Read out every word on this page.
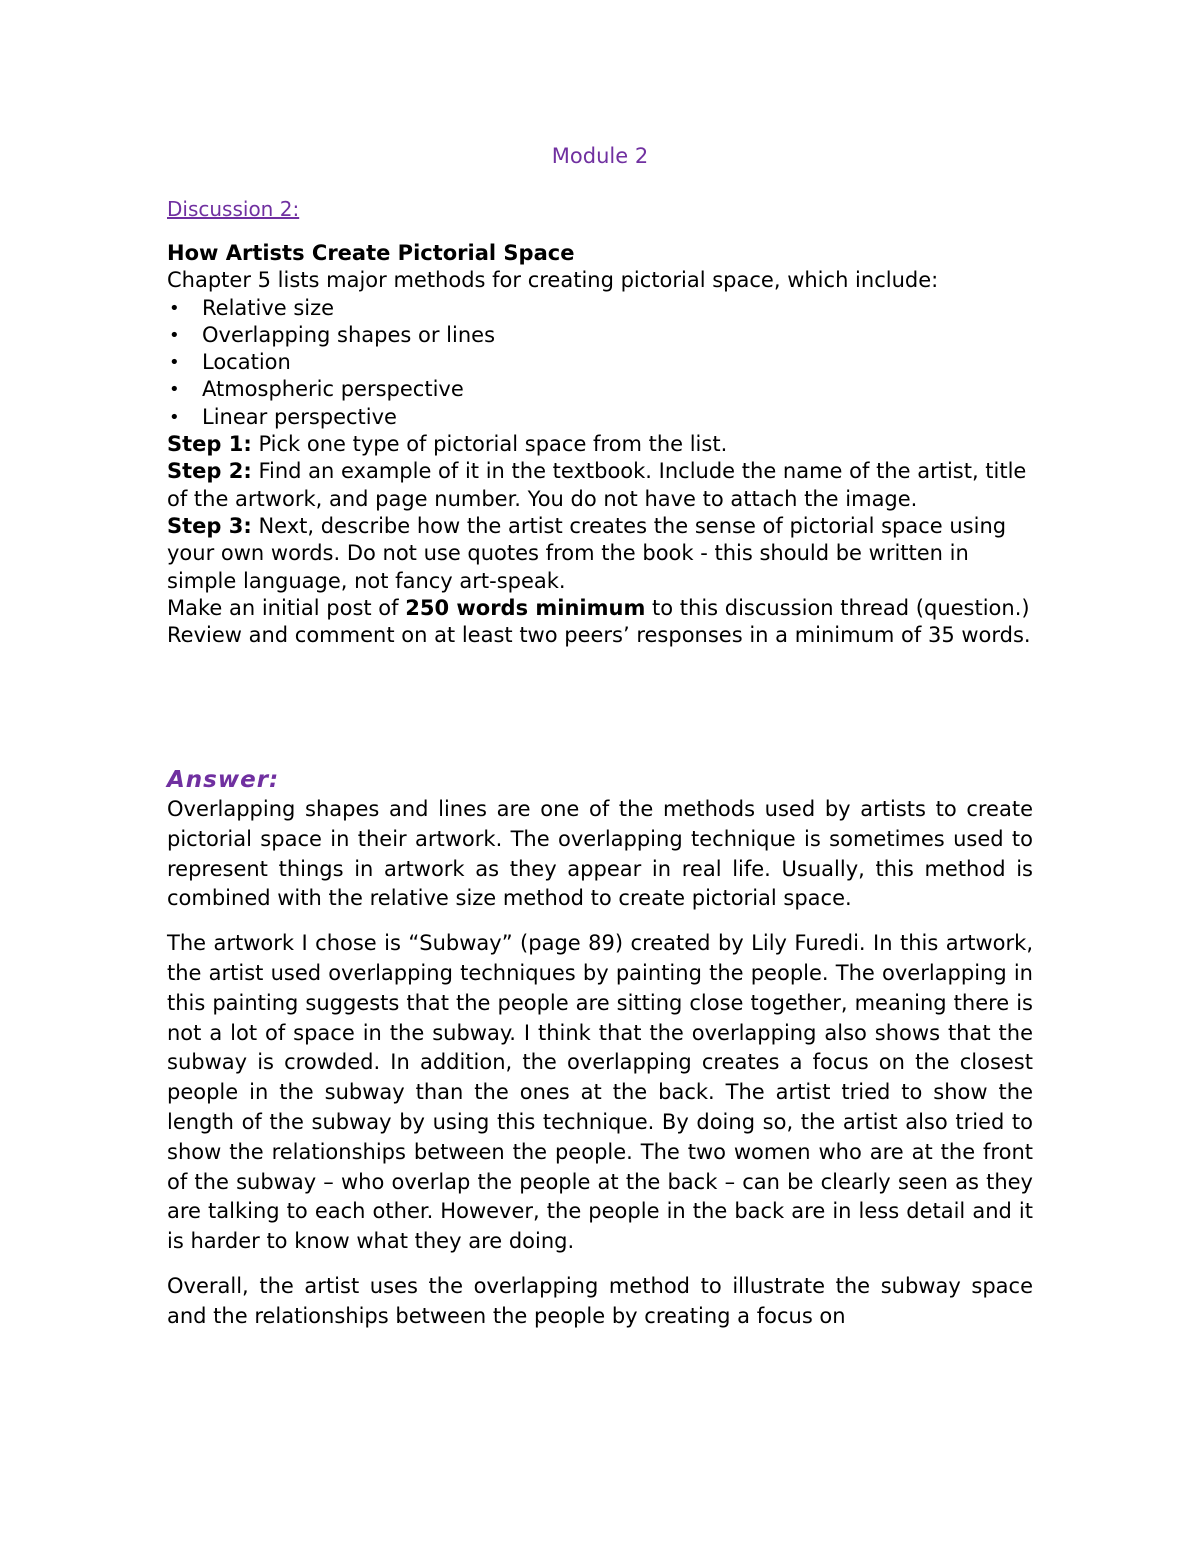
Module 2
Discussion 2:
How Artists Create Pictorial Space
Chapter 5 lists major methods for creating pictorial space, which include:
• Relative size
• Overlapping shapes or lines
• Location
• Atmospheric perspective
• Linear perspective
Step 1: Pick one type of pictorial space from the list.
Step 2: Find an example of it in the textbook. Include the name of the artist, title of the artwork, and page number. You do not have to attach the image.
Step 3: Next, describe how the artist creates the sense of pictorial space using your own words. Do not use quotes from the book - this should be written in simple language, not fancy art-speak.
Make an initial post of 250 words minimum to this discussion thread (question.) Review and comment on at least two peers’ responses in a minimum of 35 words.
Answer:

Overlapping shapes and lines are one of the methods used by artists to create pictorial space in their artwork. The overlapping technique is sometimes used to represent things in artwork as they appear in real life. Usually, this method is combined with the relative size method to create pictorial space.

The artwork I chose is “Subway” (page 89) created by Lily Furedi. In this artwork, the artist used overlapping techniques by painting the people. The overlapping in this painting suggests that the people are sitting close together, meaning there is not a lot of space in the subway. I think that the overlapping also shows that the subway is crowded. In addition, the overlapping creates a focus on the closest people in the subway than the ones at the back. The artist tried to show the length of the subway by using this technique. By doing so, the artist also tried to show the relationships between the people. The two women who are at the front of the subway – who overlap the people at the back – can be clearly seen as they are talking to each other. However, the people in the back are in less detail and it is harder to know what they are doing.

Overall, the artist uses the overlapping method to illustrate the subway space and the relationships between the people by creating a focus on
